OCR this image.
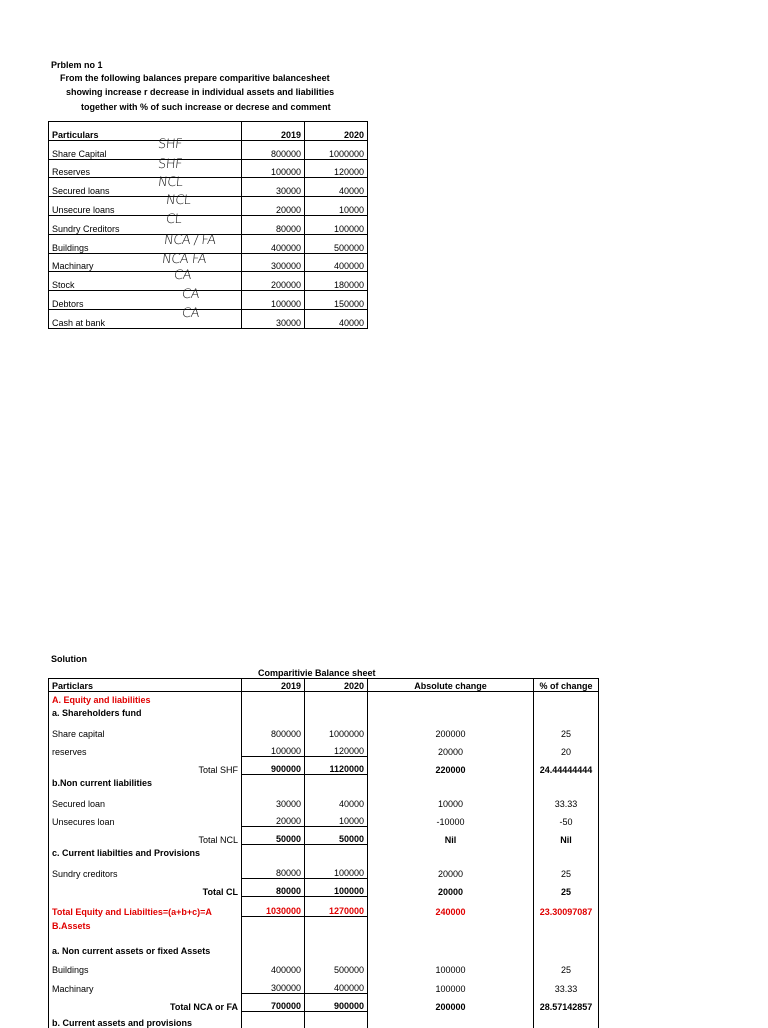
Prblem no 1
From the following balances prepare comparitive balancesheet
showing increase r decrease in individual assets and liabilities
together with % of such increase or decrese and comment
Particulars	2019	2020
Share Capital	800000	1000000
Reserves	100000	120000
Secured loans	30000	40000
Unsecure loans	20000	10000
Sundry Creditors	80000	100000
Buildings	400000	500000
Machinary	300000	400000
Stock	200000	180000
Debtors	100000	150000
Cash at bank	30000	40000
SHF
SHF
NCL
NCL
CL
NCA / FA
NCA FA
CA
CA
CA
Solution
Comparitivie Balance sheet
Particlars	2019	2020	Absolute change	% of change
A. Equity and liabilities				
a. Shareholders fund				
Share capital	800000	1000000	200000	25
reserves	100000	120000	20000	20
Total SHF	900000	1120000	220000	24.44444444
b.Non current liabilities				
Secured loan	30000	40000	10000	33.33
Unsecures loan	20000	10000	-10000	-50
Total NCL	50000	50000	Nil	Nil
c. Current liabilties and Provisions				
Sundry creditors	80000	100000	20000	25
Total CL	80000	100000	20000	25
Total Equity and Liabilties=(a+b+c)=A	1030000	1270000	240000	23.30097087
B.Assets				
a. Non current assets or fixed Assets				
Buildings	400000	500000	100000	25
Machinary	300000	400000	100000	33.33
Total NCA or FA	700000	900000	200000	28.57142857
b. Current assets and provisions				
